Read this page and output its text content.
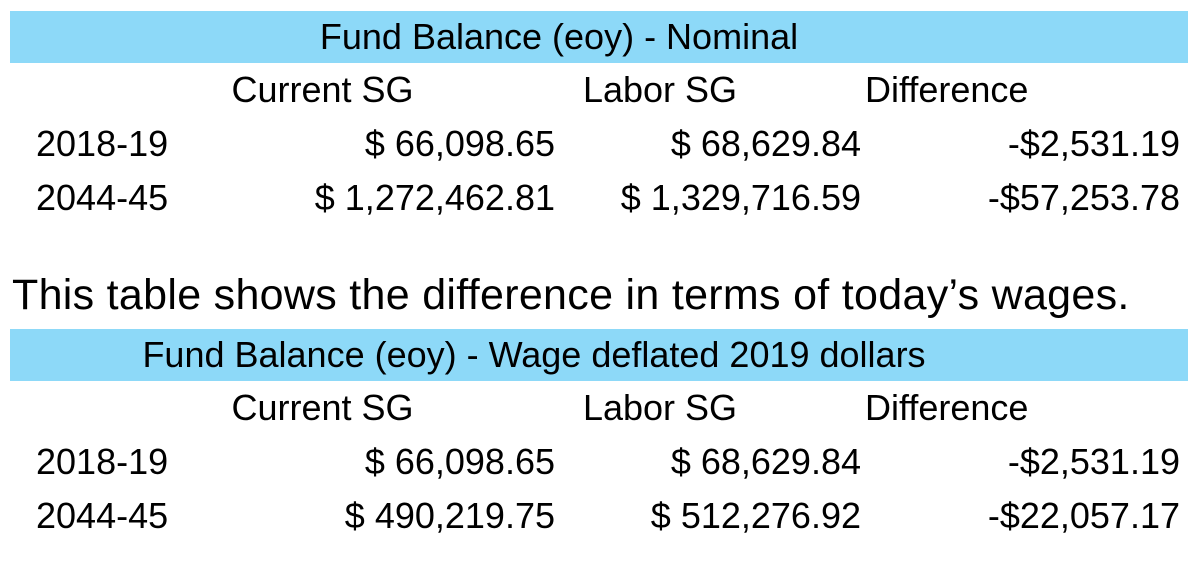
Fund Balance (eoy) - Nominal
	Current SG	Labor SG	Difference
2018-19	$ 66,098.65	$ 68,629.84	-$2,531.19
2044-45	$ 1,272,462.81	$ 1,329,716.59	-$57,253.78

This table shows the difference in terms of today’s wages.

Fund Balance (eoy) - Wage deflated 2019 dollars
	Current SG	Labor SG	Difference
2018-19	$ 66,098.65	$ 68,629.84	-$2,531.19
2044-45	$ 490,219.75	$ 512,276.92	-$22,057.17
